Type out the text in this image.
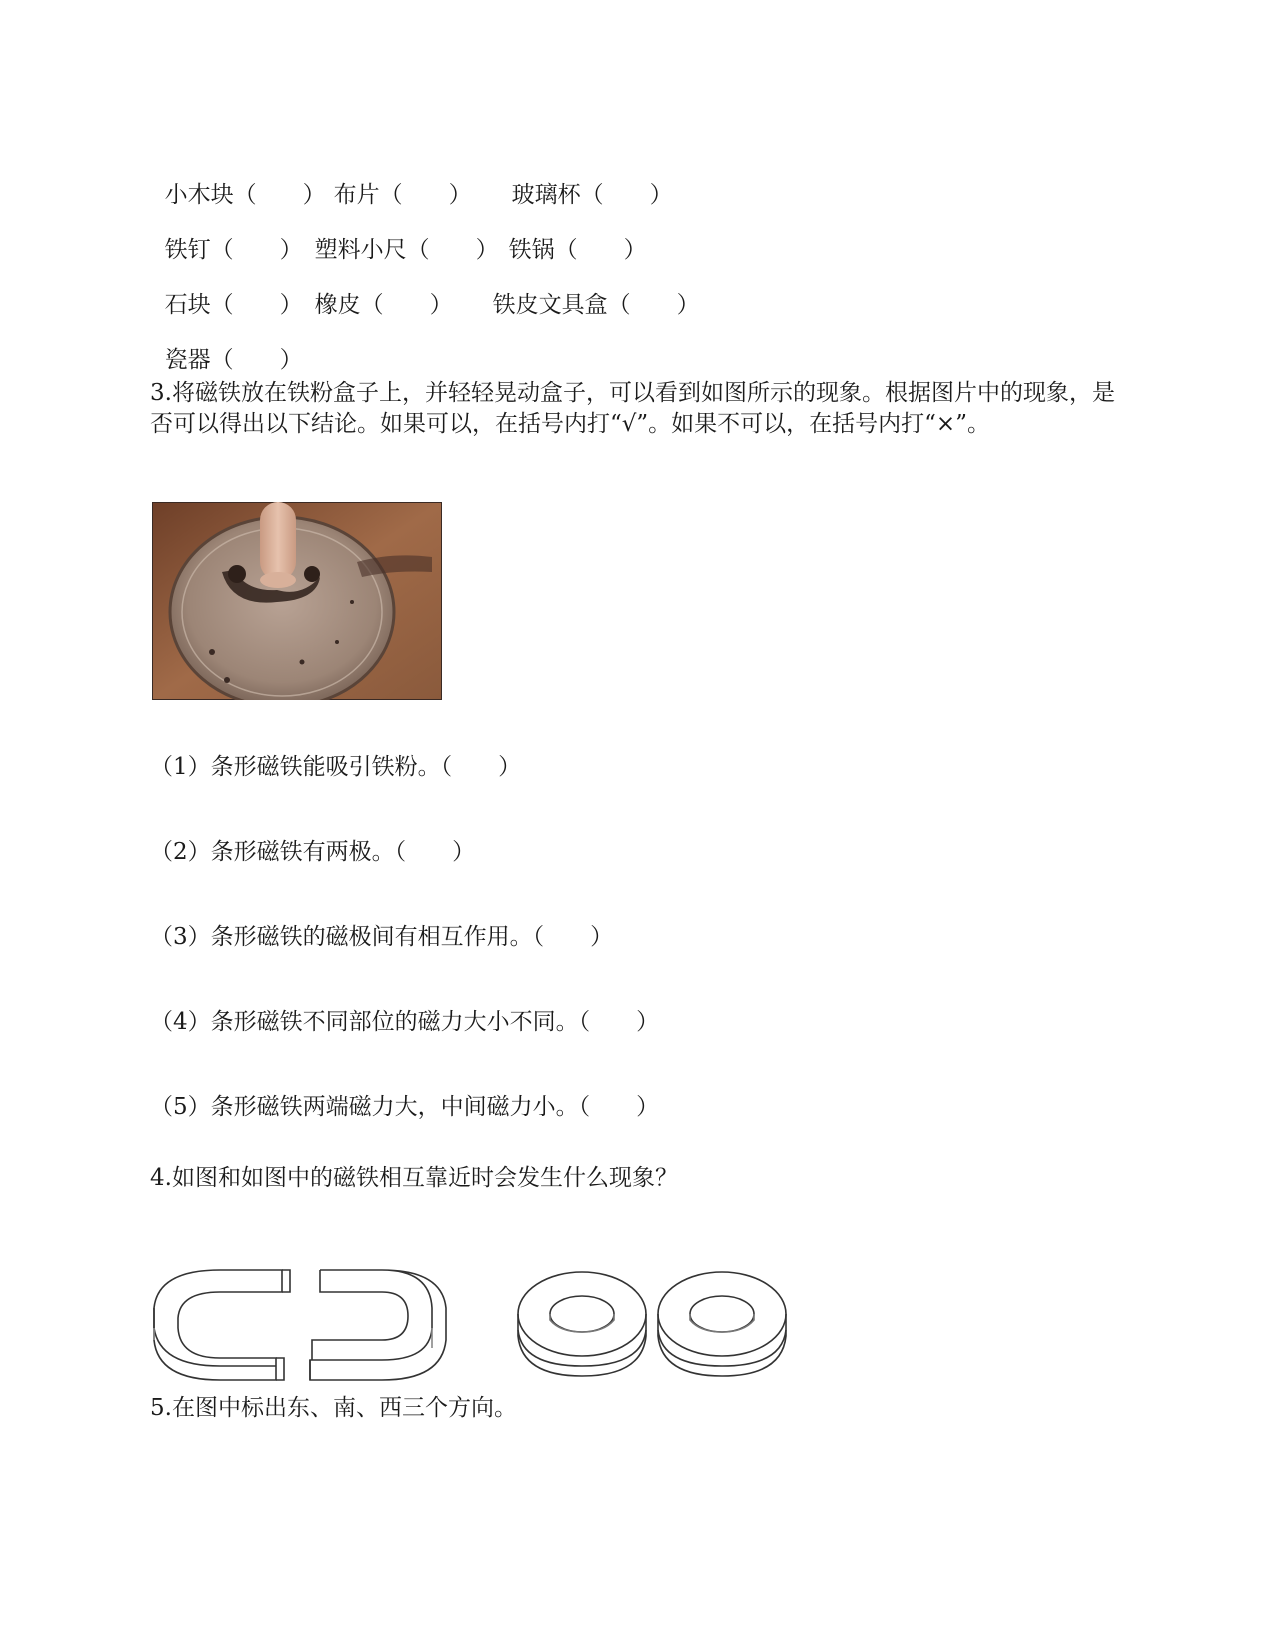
小木块（　　） 布片（　　） 玻璃杯（　　）

铁钉（　　） 塑料小尺（　　） 铁锅（　　）

石块（　　） 橡皮（　　） 铁皮文具盒（　　）

瓷器（　　）

3.将磁铁放在铁粉盒子上，并轻轻晃动盒子，可以看到如图所示的现象。根据图片中的现象，是否可以得出以下结论。如果可以，在括号内打“√”。如果不可以，在括号内打“×”。
（1）条形磁铁能吸引铁粉。（　　）
（2）条形磁铁有两极。（　　）
（3）条形磁铁的磁极间有相互作用。（　　）
（4）条形磁铁不同部位的磁力大小不同。（　　）
（5）条形磁铁两端磁力大，中间磁力小。（　　）
4.如图和如图中的磁铁相互靠近时会发生什么现象？
5.在图中标出东、南、西三个方向。
